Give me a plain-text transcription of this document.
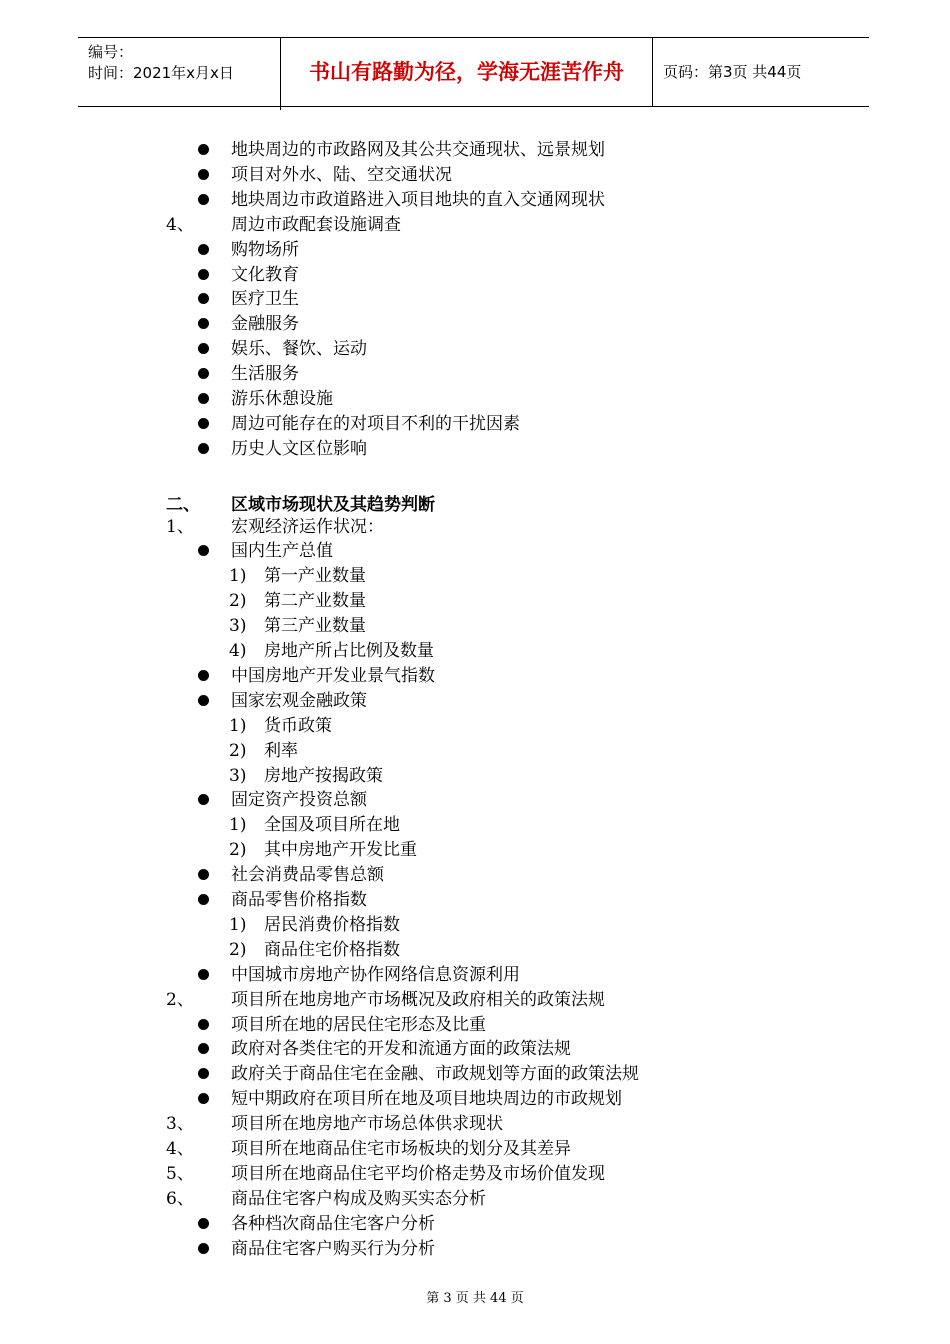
编号：
时间：2021年x月x日	书山有路勤为径，学海无涯苦作舟	页码：第3页 共44页
地块周边的市政路网及其公共交通现状、远景规划
项目对外水、陆、空交通状况
地块周边市政道路进入项目地块的直入交通网现状
4、 周边市政配套设施调查
购物场所
文化教育
医疗卫生
金融服务
娱乐、餐饮、运动
生活服务
游乐休憩设施
周边可能存在的对项目不利的干扰因素
历史人文区位影响
二、 区域市场现状及其趋势判断
1、 宏观经济运作状况：
国内生产总值
1) 第一产业数量
2) 第二产业数量
3) 第三产业数量
4) 房地产所占比例及数量
中国房地产开发业景气指数
国家宏观金融政策
1) 货币政策
2) 利率
3) 房地产按揭政策
固定资产投资总额
1) 全国及项目所在地
2) 其中房地产开发比重
社会消费品零售总额
商品零售价格指数
1) 居民消费价格指数
2) 商品住宅价格指数
中国城市房地产协作网络信息资源利用
2、 项目所在地房地产市场概况及政府相关的政策法规
项目所在地的居民住宅形态及比重
政府对各类住宅的开发和流通方面的政策法规
政府关于商品住宅在金融、市政规划等方面的政策法规
短中期政府在项目所在地及项目地块周边的市政规划
3、 项目所在地房地产市场总体供求现状
4、 项目所在地商品住宅市场板块的划分及其差异
5、 项目所在地商品住宅平均价格走势及市场价值发现
6、 商品住宅客户构成及购买实态分析
各种档次商品住宅客户分析
商品住宅客户购买行为分析
第 3 页 共 44 页
